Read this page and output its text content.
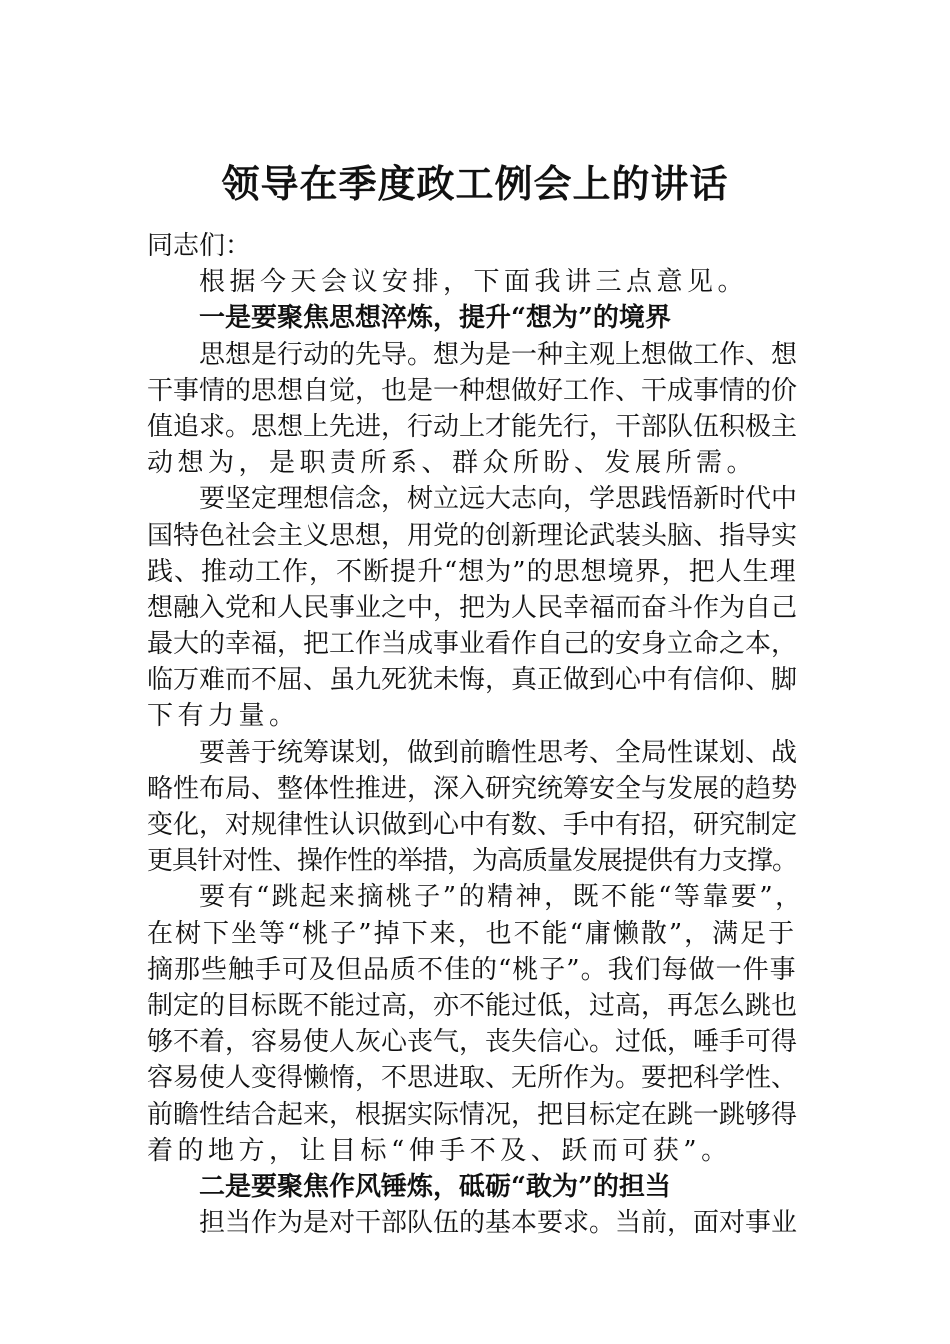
领导在季度政工例会上的讲话
同志们：
根据今天会议安排，下面我讲三点意见。
一是要聚焦思想淬炼，提升“想为”的境界
思想是行动的先导。想为是一种主观上想做工作、想
干事情的思想自觉，也是一种想做好工作、干成事情的价
值追求。思想上先进，行动上才能先行，干部队伍积极主
动想为，是职责所系、群众所盼、发展所需。
要坚定理想信念，树立远大志向，学思践悟新时代中
国特色社会主义思想，用党的创新理论武装头脑、指导实
践、推动工作，不断提升“想为”的思想境界，把人生理
想融入党和人民事业之中，把为人民幸福而奋斗作为自己
最大的幸福，把工作当成事业看作自己的安身立命之本，
临万难而不屈、虽九死犹未悔，真正做到心中有信仰、脚
下有力量。
要善于统筹谋划，做到前瞻性思考、全局性谋划、战
略性布局、整体性推进，深入研究统筹安全与发展的趋势
变化，对规律性认识做到心中有数、手中有招，研究制定
更具针对性、操作性的举措，为高质量发展提供有力支撑。
要有“跳起来摘桃子”的精神，既不能“等靠要”，
在树下坐等“桃子”掉下来，也不能“庸懒散”，满足于
摘那些触手可及但品质不佳的“桃子”。我们每做一件事
制定的目标既不能过高，亦不能过低，过高，再怎么跳也
够不着，容易使人灰心丧气，丧失信心。过低，唾手可得
容易使人变得懒惰，不思进取、无所作为。要把科学性、
前瞻性结合起来，根据实际情况，把目标定在跳一跳够得
着的地方，让目标“伸手不及、跃而可获”。
二是要聚焦作风锤炼，砥砺“敢为”的担当
担当作为是对干部队伍的基本要求。当前，面对事业
